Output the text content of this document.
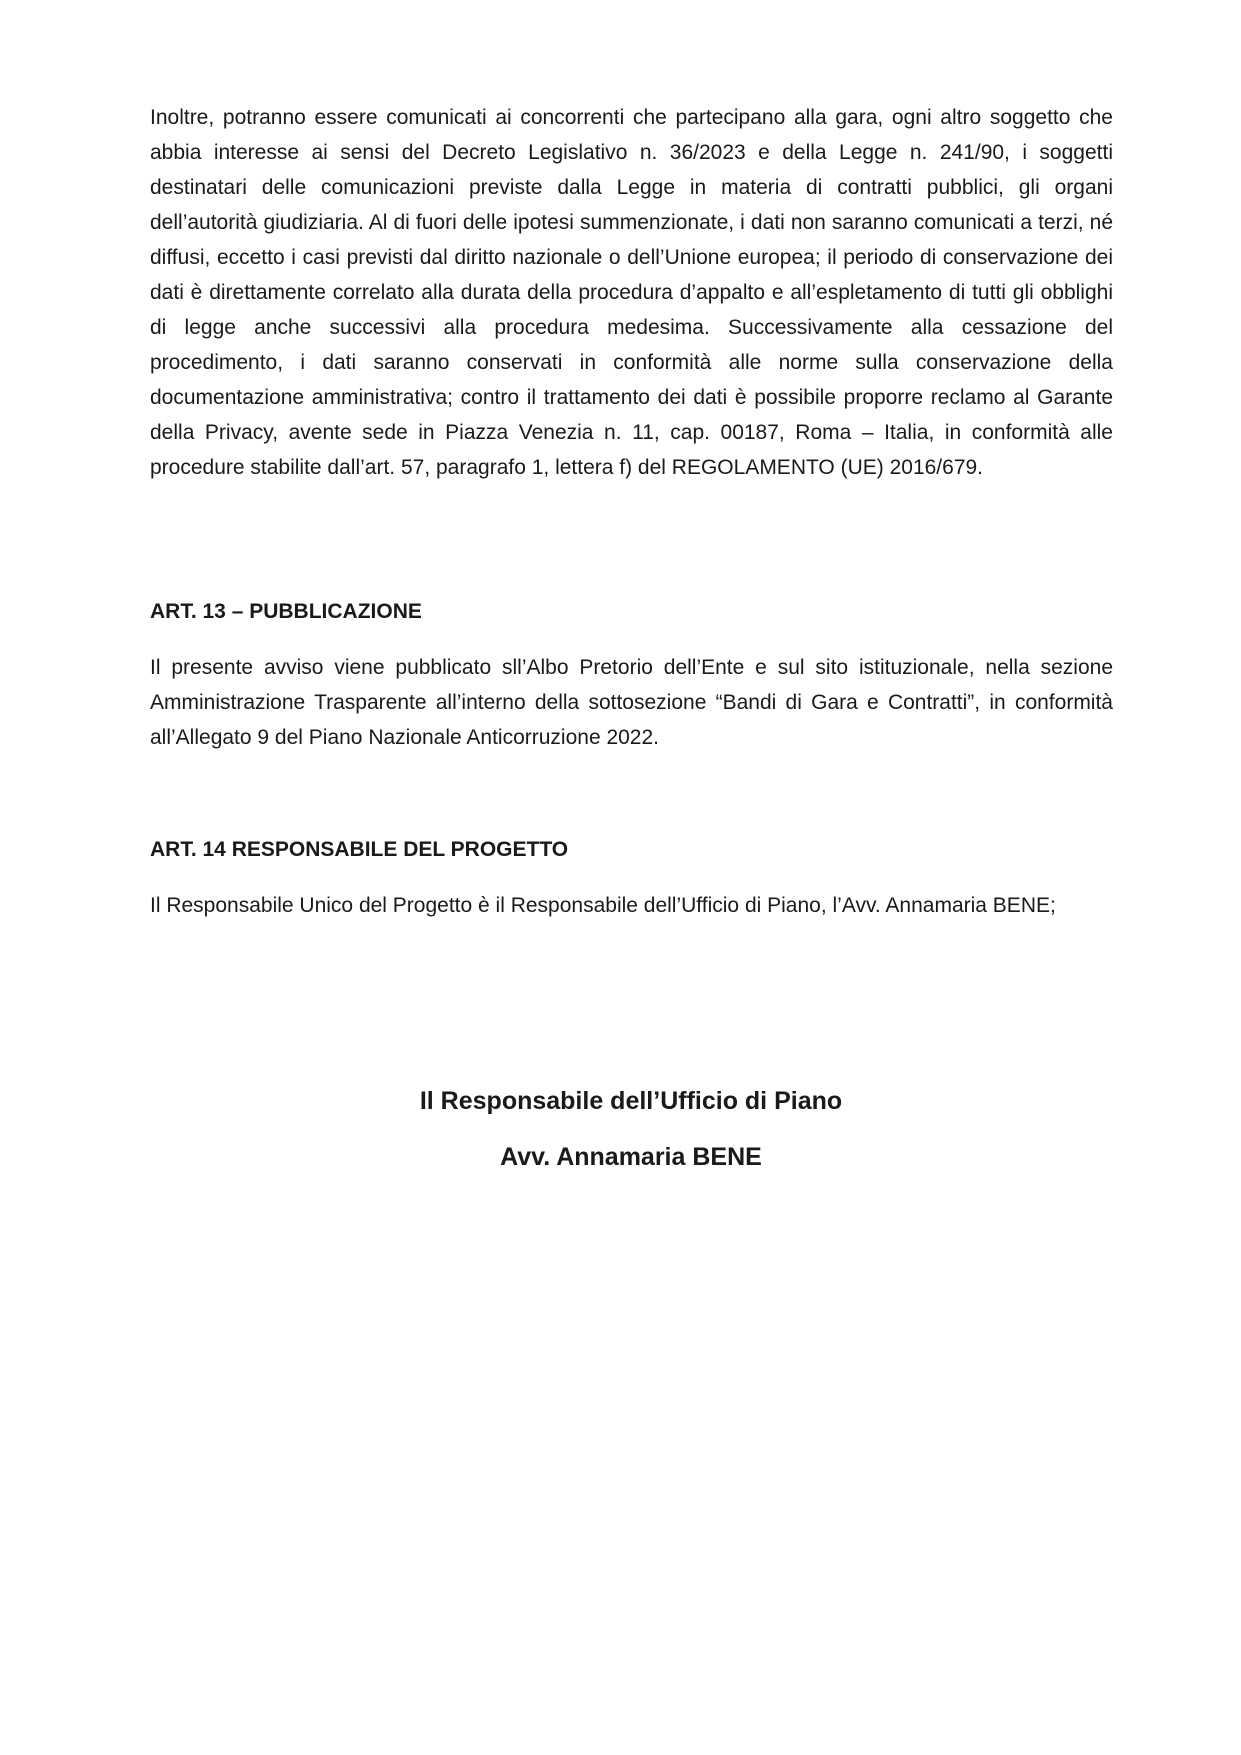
Inoltre, potranno essere comunicati ai concorrenti che partecipano alla gara, ogni altro soggetto che abbia interesse ai sensi del Decreto Legislativo n. 36/2023 e della Legge n. 241/90, i soggetti destinatari delle comunicazioni previste dalla Legge in materia di contratti pubblici, gli organi dell’autorità giudiziaria. Al di fuori delle ipotesi summenzionate, i dati non saranno comunicati a terzi, né diffusi, eccetto i casi previsti dal diritto nazionale o dell’Unione europea; il periodo di conservazione dei dati è direttamente correlato alla durata della procedura d’appalto e all’espletamento di tutti gli obblighi di legge anche successivi alla procedura medesima. Successivamente alla cessazione del procedimento, i dati saranno conservati in conformità alle norme sulla conservazione della documentazione amministrativa; contro il trattamento dei dati è possibile proporre reclamo al Garante della Privacy, avente sede in Piazza Venezia n. 11, cap. 00187, Roma – Italia, in conformità alle procedure stabilite dall’art. 57, paragrafo 1, lettera f) del REGOLAMENTO (UE) 2016/679.

ART. 13 – PUBBLICAZIONE

Il presente avviso viene pubblicato sll’Albo Pretorio dell’Ente e sul sito istituzionale, nella sezione Amministrazione Trasparente all’interno della sottosezione “Bandi di Gara e Contratti”, in conformità all’Allegato 9 del Piano Nazionale Anticorruzione 2022.

ART. 14 RESPONSABILE DEL PROGETTO

Il Responsabile Unico del Progetto è il Responsabile dell’Ufficio di Piano, l’Avv. Annamaria BENE;

Il Responsabile dell’Ufficio di Piano

Avv. Annamaria BENE
